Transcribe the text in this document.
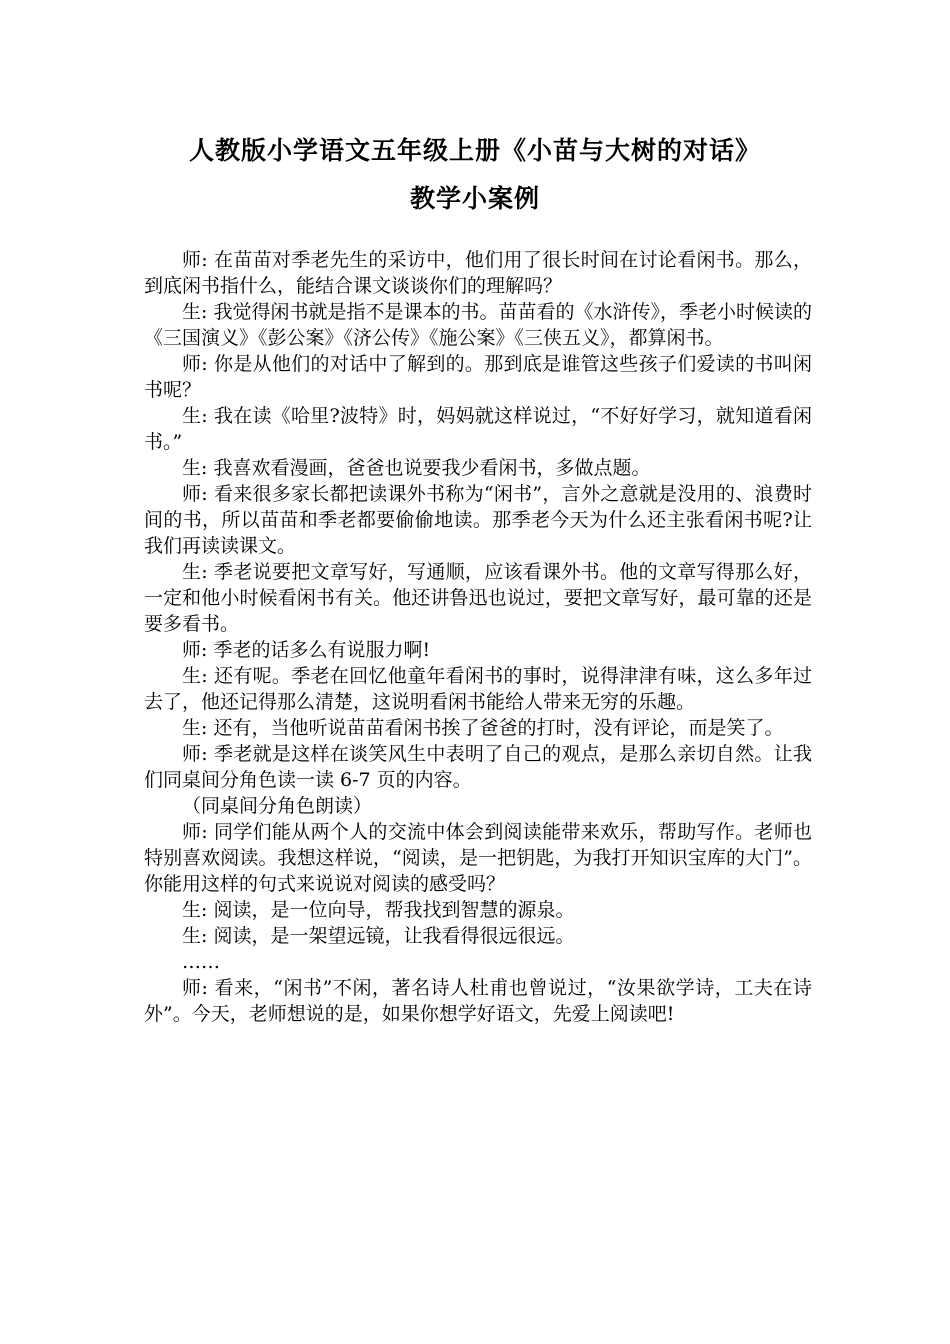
人教版小学语文五年级上册《小苗与大树的对话》
教学小案例

师: 在苗苗对季老先生的采访中，他们用了很长时间在讨论看闲书。那么，到底闲书指什么，能结合课文谈谈你们的理解吗？

生: 我觉得闲书就是指不是课本的书。苗苗看的《水浒传》，季老小时候读的《三国演义》《彭公案》《济公传》《施公案》《三侠五义》，都算闲书。

师: 你是从他们的对话中了解到的。那到底是谁管这些孩子们爱读的书叫闲书呢？

生: 我在读《哈里?波特》时，妈妈就这样说过，“不好好学习，就知道看闲书。”

生: 我喜欢看漫画，爸爸也说要我少看闲书，多做点题。

师: 看来很多家长都把读课外书称为“闲书”，言外之意就是没用的、浪费时间的书，所以苗苗和季老都要偷偷地读。那季老今天为什么还主张看闲书呢?让我们再读读课文。

生: 季老说要把文章写好，写通顺，应该看课外书。他的文章写得那么好，一定和他小时候看闲书有关。他还讲鲁迅也说过，要把文章写好，最可靠的还是要多看书。

师: 季老的话多么有说服力啊!

生: 还有呢。季老在回忆他童年看闲书的事时，说得津津有味，这么多年过去了，他还记得那么清楚，这说明看闲书能给人带来无穷的乐趣。

生: 还有，当他听说苗苗看闲书挨了爸爸的打时，没有评论，而是笑了。

师: 季老就是这样在谈笑风生中表明了自己的观点，是那么亲切自然。让我们同桌间分角色读一读 6-7 页的内容。

（同桌间分角色朗读）

师: 同学们能从两个人的交流中体会到阅读能带来欢乐，帮助写作。老师也特别喜欢阅读。我想这样说，“阅读，是一把钥匙，为我打开知识宝库的大门”。你能用这样的句式来说说对阅读的感受吗？

生: 阅读，是一位向导，帮我找到智慧的源泉。

生: 阅读，是一架望远镜，让我看得很远很远。

……

师: 看来，“闲书”不闲，著名诗人杜甫也曾说过，“汝果欲学诗，工夫在诗外”。今天，老师想说的是，如果你想学好语文，先爱上阅读吧!
